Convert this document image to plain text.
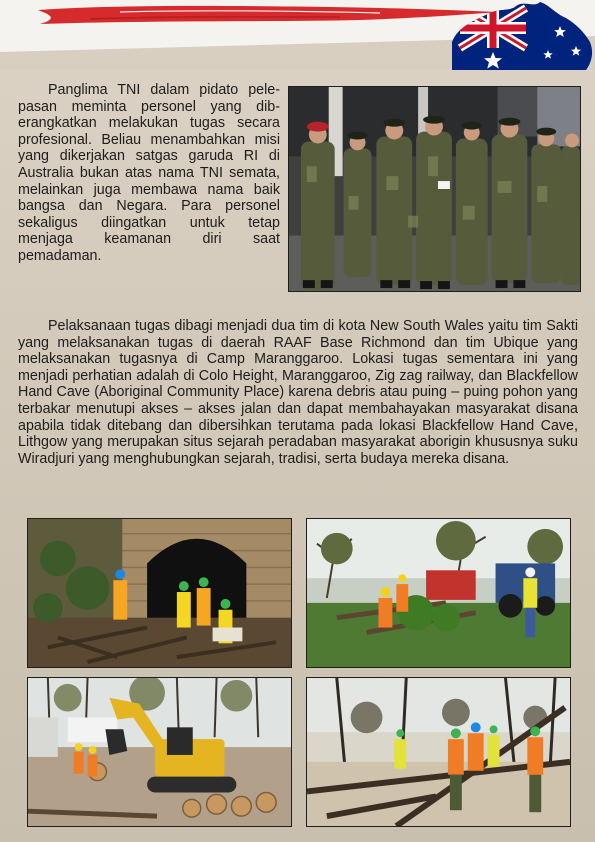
Panglima TNI dalam pidato pelepasan meminta personel yang diberangkatkan melakukan tugas secara profesional. Beliau menambahkan misi yang dikerjakan satgas garuda RI di Australia bukan atas nama TNI semata, melainkan juga membawa nama baik bangsa dan Negara. Para personel sekaligus diingatkan untuk tetap menjaga keamanan diri saat pemadaman.

Pelaksanaan tugas dibagi menjadi dua tim di kota New South Wales yaitu tim Sakti yang melaksanakan tugas di daerah RAAF Base Richmond dan tim Ubique yang melaksanakan tugasnya di Camp Maranggaroo. Lokasi tugas sementara ini yang menjadi perhatian adalah di Colo Height, Maranggaroo, Zig zag railway, dan Blackfellow Hand Cave (Aboriginal Community Place) karena debris atau puing – puing pohon yang terbakar menutupi akses – akses jalan dan dapat membahayakan masyarakat disana apabila tidak ditebang dan dibersihkan terutama pada lokasi Blackfellow Hand Cave, Lithgow yang merupakan situs sejarah peradaban masyarakat aborigin khususnya suku Wiradjuri yang menghubungkan sejarah, tradisi, serta budaya mereka disana.
